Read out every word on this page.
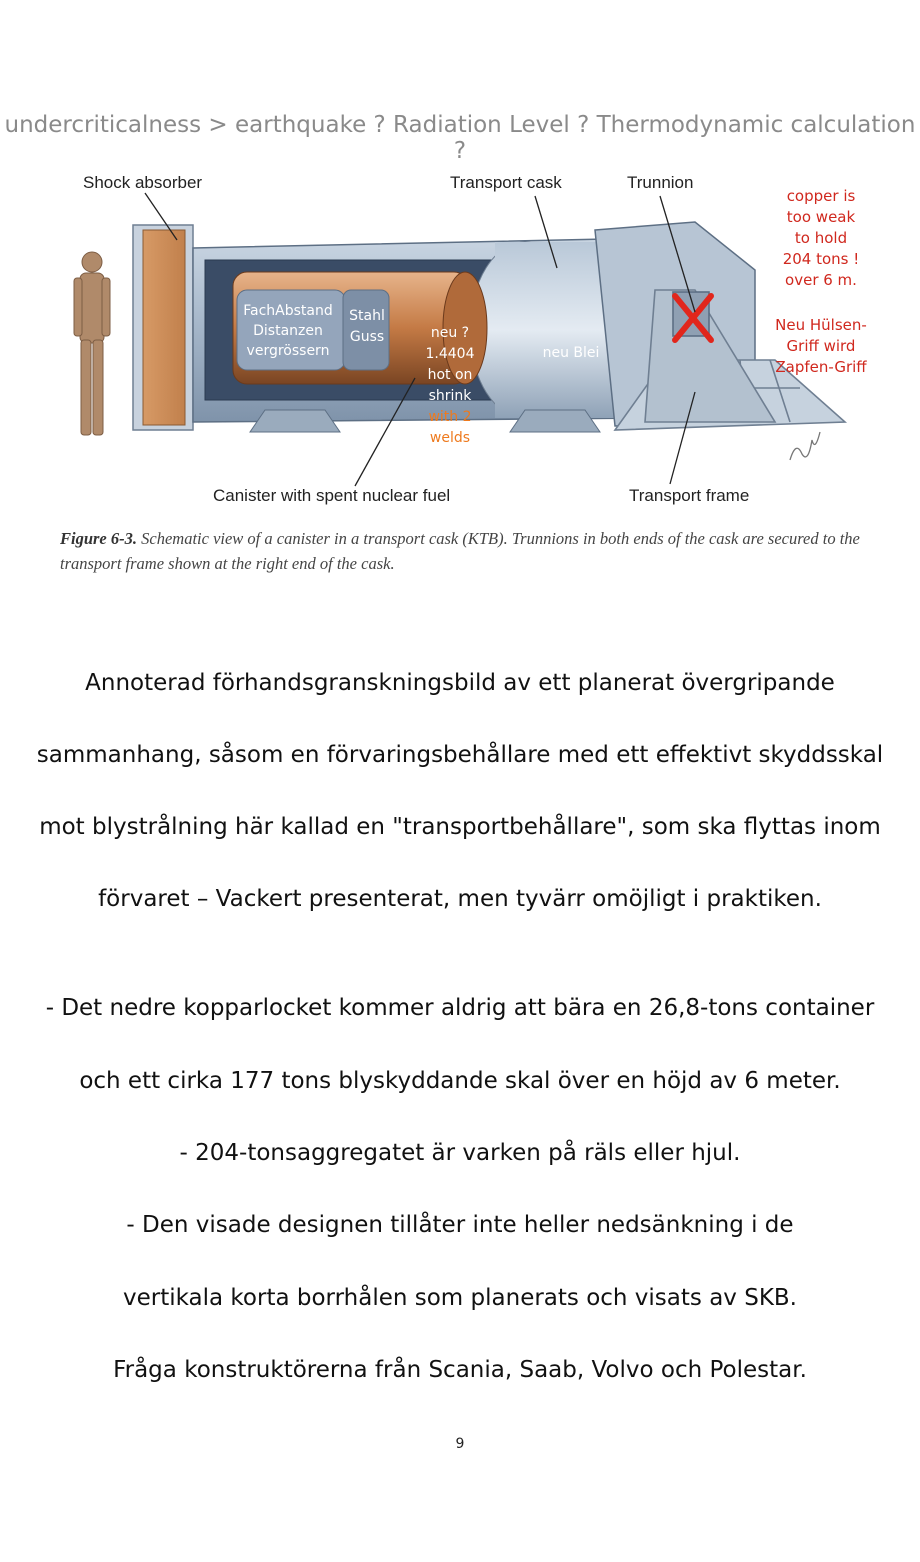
undercriticalness > earthquake ? Radiation Level ? Thermodynamic calculation ?
Shock absorber	Transport cask	Trunnion
Canister with spent nuclear fuel	Transport frame
copper is
too weak
to hold
204 tons !
over 6 m.
Neu Hülsen-
Griff wird
Zapfen-Griff
FachAbstand
Distanzen
vergrössern
Stahl
Guss	neu ?
1.4404
hot on
shrink
with 2
welds
neu Blei
Figure 6-3. Schematic view of a canister in a transport cask (KTB). Trunnions in both ends of the cask are secured to the transport frame shown at the right end of the cask.
Annoterad förhandsgranskningsbild av ett planerat övergripande
sammanhang, såsom en förvaringsbehållare med ett effektivt skyddsskal
mot blystrålning här kallad en "transportbehållare", som ska flyttas inom
förvaret – Vackert presenterat, men tyvärr omöjligt i praktiken.
- Det nedre kopparlocket kommer aldrig att bära en 26,8-tons container
och ett cirka 177 tons blyskyddande skal över en höjd av 6 meter.
- 204-tonsaggregatet är varken på räls eller hjul.
- Den visade designen tillåter inte heller nedsänkning i de
vertikala korta borrhålen som planerats och visats av SKB.
Fråga konstruktörerna från Scania, Saab, Volvo och Polestar.
9
